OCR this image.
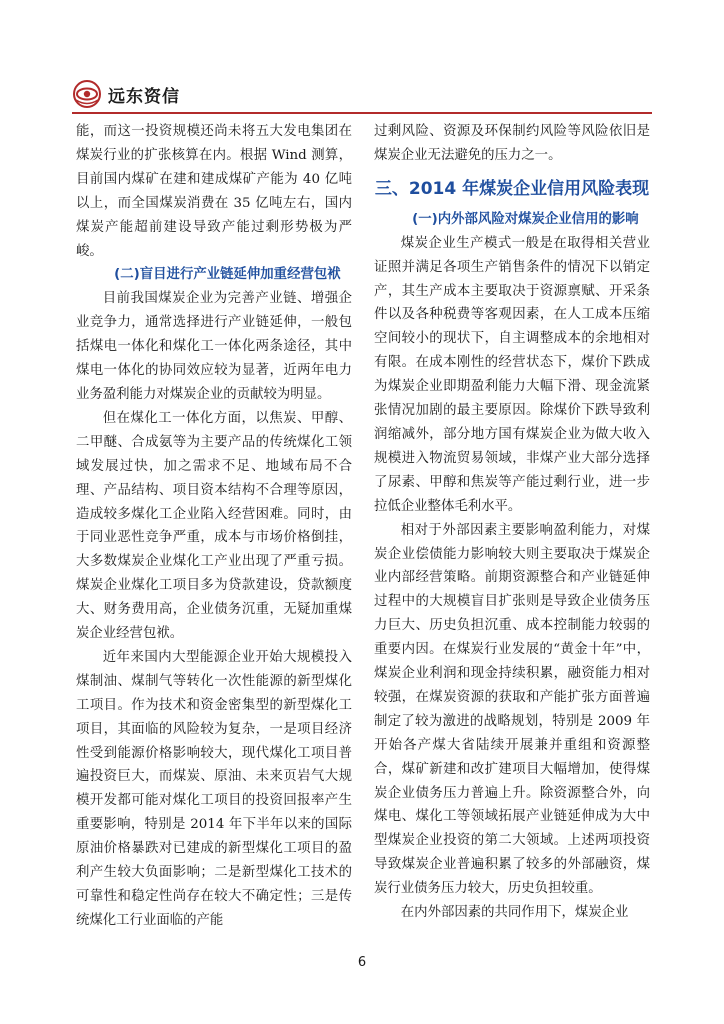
远东资信

能，而这一投资规模还尚未将五大发电集团在煤炭行业的扩张核算在内。根据 Wind 测算，目前国内煤矿在建和建成煤矿产能为 40 亿吨以上，而全国煤炭消费在 35 亿吨左右，国内煤炭产能超前建设导致产能过剩形势极为严峻。

(二)盲目进行产业链延伸加重经营包袱

目前我国煤炭企业为完善产业链、增强企业竞争力，通常选择进行产业链延伸，一般包括煤电一体化和煤化工一体化两条途径，其中煤电一体化的协同效应较为显著，近两年电力业务盈利能力对煤炭企业的贡献较为明显。

但在煤化工一体化方面，以焦炭、甲醇、二甲醚、合成氨等为主要产品的传统煤化工领域发展过快，加之需求不足、地域布局不合理、产品结构、项目资本结构不合理等原因，造成较多煤化工企业陷入经营困难。同时，由于同业恶性竞争严重，成本与市场价格倒挂，大多数煤炭企业煤化工产业出现了严重亏损。煤炭企业煤化工项目多为贷款建设，贷款额度大、财务费用高，企业债务沉重，无疑加重煤炭企业经营包袱。

近年来国内大型能源企业开始大规模投入煤制油、煤制气等转化一次性能源的新型煤化工项目。作为技术和资金密集型的新型煤化工项目，其面临的风险较为复杂，一是项目经济性受到能源价格影响较大，现代煤化工项目普遍投资巨大，而煤炭、原油、未来页岩气大规模开发都可能对煤化工项目的投资回报率产生重要影响，特别是 2014 年下半年以来的国际原油价格暴跌对已建成的新型煤化工项目的盈利产生较大负面影响；二是新型煤化工技术的可靠性和稳定性尚存在较大不确定性；三是传统煤化工行业面临的产能

过剩风险、资源及环保制约风险等风险依旧是煤炭企业无法避免的压力之一。

三、2014 年煤炭企业信用风险表现

(一)内外部风险对煤炭企业信用的影响

煤炭企业生产模式一般是在取得相关营业证照并满足各项生产销售条件的情况下以销定产，其生产成本主要取决于资源禀赋、开采条件以及各种税费等客观因素，在人工成本压缩空间较小的现状下，自主调整成本的余地相对有限。在成本刚性的经营状态下，煤价下跌成为煤炭企业即期盈利能力大幅下滑、现金流紧张情况加剧的最主要原因。除煤价下跌导致利润缩减外，部分地方国有煤炭企业为做大收入规模进入物流贸易领域，非煤产业大部分选择了尿素、甲醇和焦炭等产能过剩行业，进一步拉低企业整体毛利水平。

相对于外部因素主要影响盈利能力，对煤炭企业偿债能力影响较大则主要取决于煤炭企业内部经营策略。前期资源整合和产业链延伸过程中的大规模盲目扩张则是导致企业债务压力巨大、历史负担沉重、成本控制能力较弱的重要内因。在煤炭行业发展的“黄金十年”中，煤炭企业利润和现金持续积累，融资能力相对较强，在煤炭资源的获取和产能扩张方面普遍制定了较为激进的战略规划，特别是 2009 年开始各产煤大省陆续开展兼并重组和资源整合，煤矿新建和改扩建项目大幅增加，使得煤炭企业债务压力普遍上升。除资源整合外，向煤电、煤化工等领域拓展产业链延伸成为大中型煤炭企业投资的第二大领域。上述两项投资导致煤炭企业普遍积累了较多的外部融资，煤炭行业债务压力较大，历史负担较重。

在内外部因素的共同作用下，煤炭企业

6
